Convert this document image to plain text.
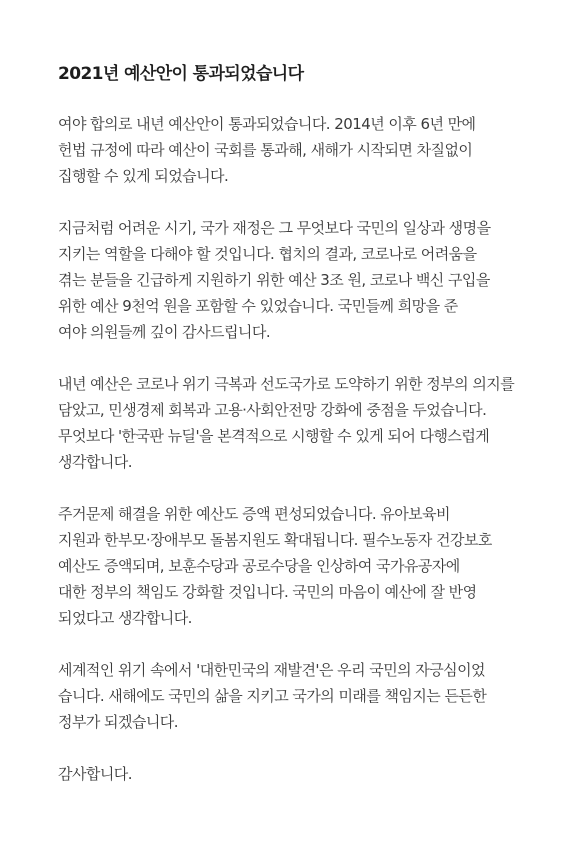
2021년 예산안이 통과되었습니다
여야 합의로 내년 예산안이 통과되었습니다. 2014년 이후 6년 만에
헌법 규정에 따라 예산이 국회를 통과해, 새해가 시작되면 차질없이
집행할 수 있게 되었습니다.
지금처럼 어려운 시기, 국가 재정은 그 무엇보다 국민의 일상과 생명을
지키는 역할을 다해야 할 것입니다. 협치의 결과, 코로나로 어려움을
겪는 분들을 긴급하게 지원하기 위한 예산 3조 원, 코로나 백신 구입을
위한 예산 9천억 원을 포함할 수 있었습니다. 국민들께 희망을 준
여야 의원들께 깊이 감사드립니다.
내년 예산은 코로나 위기 극복과 선도국가로 도약하기 위한 정부의 의지를
담았고, 민생경제 회복과 고용·사회안전망 강화에 중점을 두었습니다.
무엇보다 '한국판 뉴딜'을 본격적으로 시행할 수 있게 되어 다행스럽게
생각합니다.
주거문제 해결을 위한 예산도 증액 편성되었습니다. 유아보육비
지원과 한부모·장애부모 돌봄지원도 확대됩니다. 필수노동자 건강보호
예산도 증액되며, 보훈수당과 공로수당을 인상하여 국가유공자에
대한 정부의 책임도 강화할 것입니다. 국민의 마음이 예산에 잘 반영
되었다고 생각합니다.
세계적인 위기 속에서 '대한민국의 재발견'은 우리 국민의 자긍심이었
습니다. 새해에도 국민의 삶을 지키고 국가의 미래를 책임지는 든든한
정부가 되겠습니다.
감사합니다.
